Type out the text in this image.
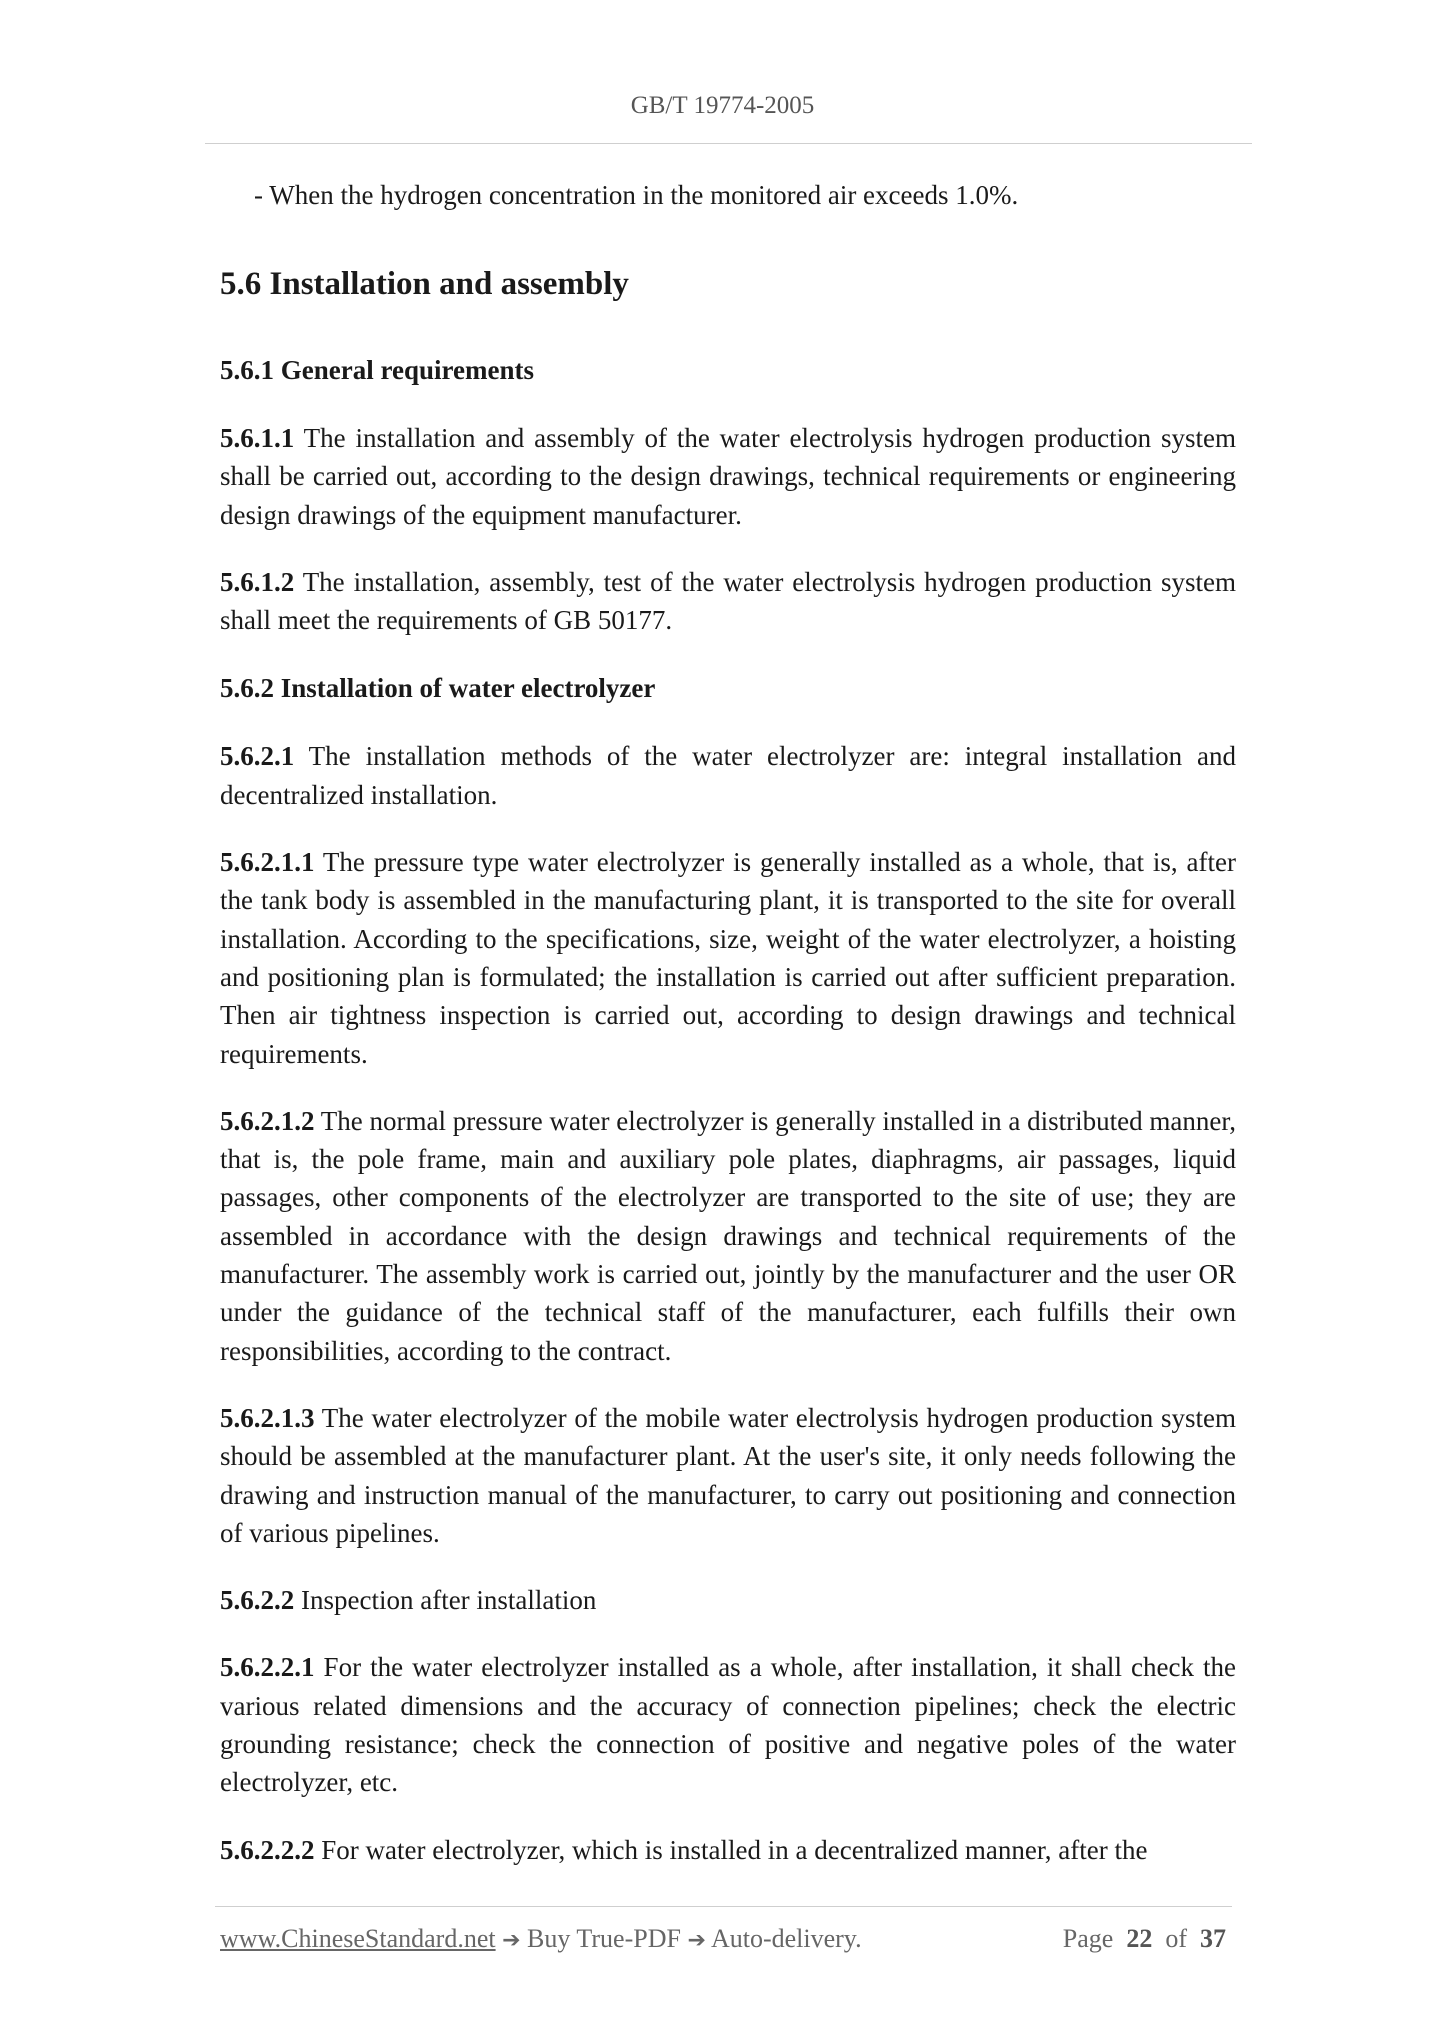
GB/T 19774-2005
- When the hydrogen concentration in the monitored air exceeds 1.0%.
5.6 Installation and assembly
5.6.1 General requirements

5.6.1.1 The installation and assembly of the water electrolysis hydrogen production system shall be carried out, according to the design drawings, technical requirements or engineering design drawings of the equipment manufacturer.

5.6.1.2 The installation, assembly, test of the water electrolysis hydrogen production system shall meet the requirements of GB 50177.

5.6.2 Installation of water electrolyzer

5.6.2.1 The installation methods of the water electrolyzer are: integral installation and decentralized installation.

5.6.2.1.1 The pressure type water electrolyzer is generally installed as a whole, that is, after the tank body is assembled in the manufacturing plant, it is transported to the site for overall installation. According to the specifications, size, weight of the water electrolyzer, a hoisting and positioning plan is formulated; the installation is carried out after sufficient preparation. Then air tightness inspection is carried out, according to design drawings and technical requirements.

5.6.2.1.2 The normal pressure water electrolyzer is generally installed in a distributed manner, that is, the pole frame, main and auxiliary pole plates, diaphragms, air passages, liquid passages, other components of the electrolyzer are transported to the site of use; they are assembled in accordance with the design drawings and technical requirements of the manufacturer. The assembly work is carried out, jointly by the manufacturer and the user OR under the guidance of the technical staff of the manufacturer, each fulfills their own responsibilities, according to the contract.

5.6.2.1.3 The water electrolyzer of the mobile water electrolysis hydrogen production system should be assembled at the manufacturer plant. At the user's site, it only needs following the drawing and instruction manual of the manufacturer, to carry out positioning and connection of various pipelines.

5.6.2.2 Inspection after installation

5.6.2.2.1 For the water electrolyzer installed as a whole, after installation, it shall check the various related dimensions and the accuracy of connection pipelines; check the electric grounding resistance; check the connection of positive and negative poles of the water electrolyzer, etc.

5.6.2.2.2 For water electrolyzer, which is installed in a decentralized manner, after the

www.ChineseStandard.net ➔ Buy True-PDF ➔ Auto-delivery.	Page 22 of 37
